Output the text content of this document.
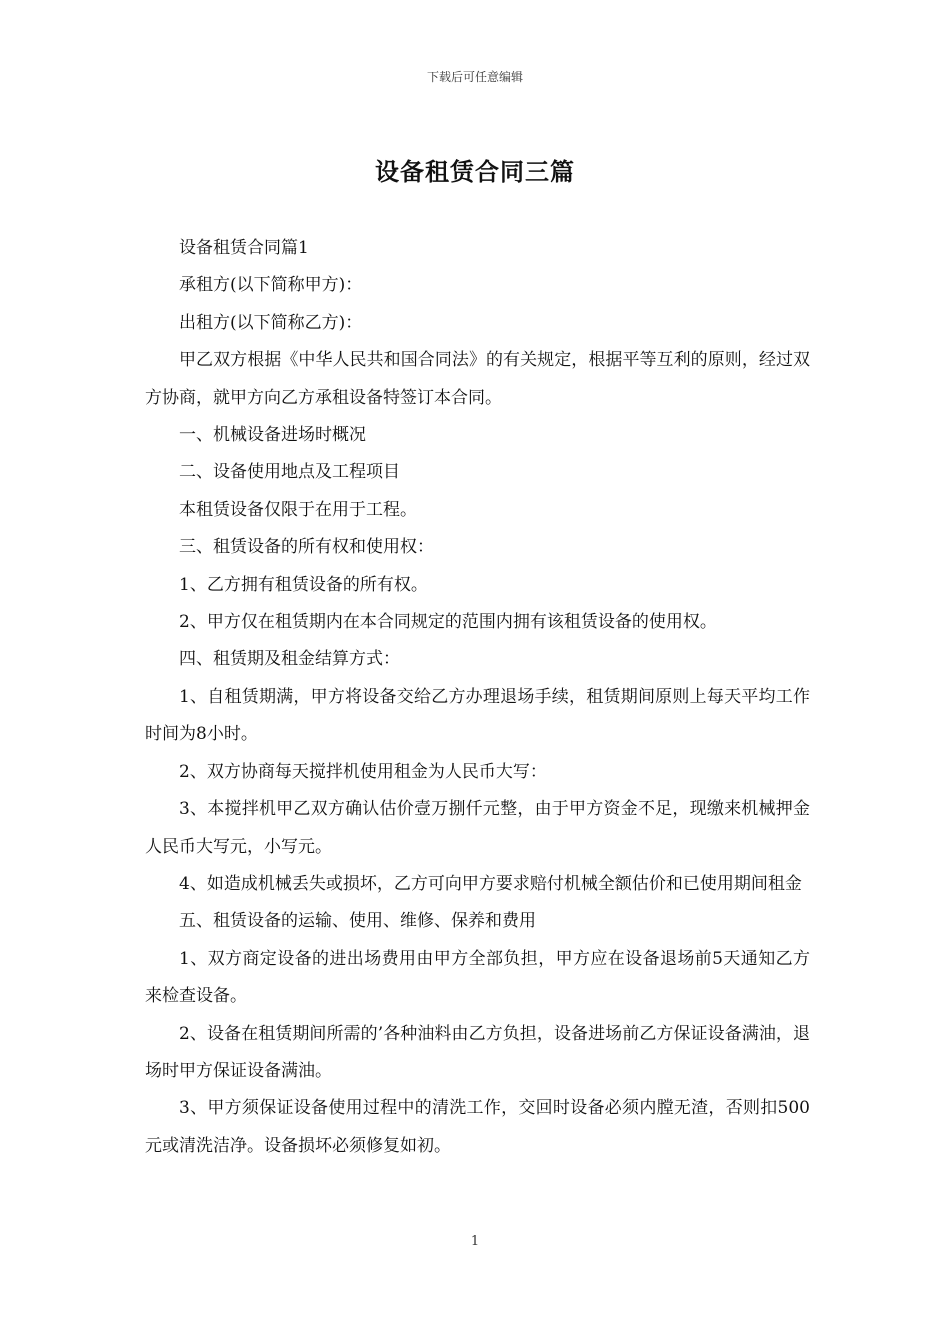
下载后可任意编辑
设备租赁合同三篇

设备租赁合同篇1

承租方(以下简称甲方)：

出租方(以下简称乙方)：

甲乙双方根据《中华人民共和国合同法》的有关规定，根据平等互利的原则，经过双方协商，就甲方向乙方承租设备特签订本合同。

一、机械设备进场时概况

二、设备使用地点及工程项目

本租赁设备仅限于在用于工程。

三、租赁设备的所有权和使用权：

1、乙方拥有租赁设备的所有权。

2、甲方仅在租赁期内在本合同规定的范围内拥有该租赁设备的使用权。

四、租赁期及租金结算方式：

1、自租赁期满，甲方将设备交给乙方办理退场手续，租赁期间原则上每天平均工作时间为8小时。

2、双方协商每天搅拌机使用租金为人民币大写：

3、本搅拌机甲乙双方确认估价壹万捌仟元整，由于甲方资金不足，现缴来机械押金人民币大写元，小写元。

4、如造成机械丢失或损坏，乙方可向甲方要求赔付机械全额估价和已使用期间租金

五、租赁设备的运输、使用、维修、保养和费用

1、双方商定设备的进出场费用由甲方全部负担，甲方应在设备退场前5天通知乙方来检查设备。

2、设备在租赁期间所需的’各种油料由乙方负担，设备进场前乙方保证设备满油，退场时甲方保证设备满油。

3、甲方须保证设备使用过程中的清洗工作，交回时设备必须内膛无渣，否则扣500元或清洗洁净。设备损坏必须修复如初。

1
